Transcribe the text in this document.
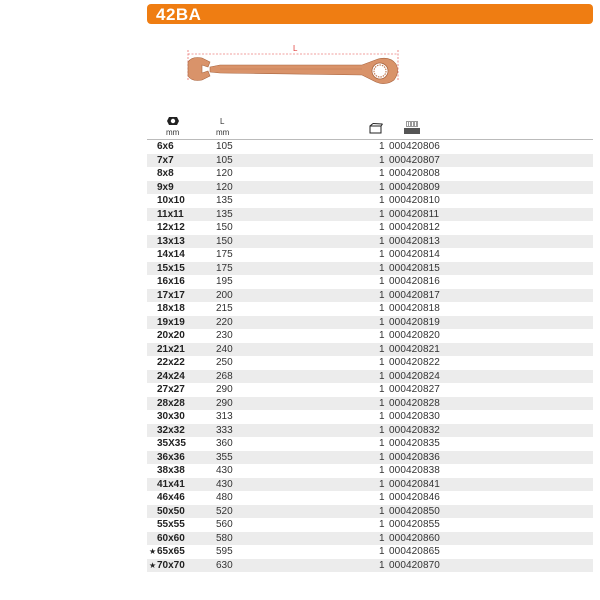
42BA
L
mm
L
mm
6x6	105	1 000420806
7x7	105	1 000420807
8x8	120	1 000420808
9x9	120	1 000420809
10x10	135	1 000420810
11x11	135	1 000420811
12x12	150	1 000420812
13x13	150	1 000420813
14x14	175	1 000420814
15x15	175	1 000420815
16x16	195	1 000420816
17x17	200	1 000420817
18x18	215	1 000420818
19x19	220	1 000420819
20x20	230	1 000420820
21x21	240	1 000420821
22x22	250	1 000420822
24x24	268	1 000420824
27x27	290	1 000420827
28x28	290	1 000420828
30x30	313	1 000420830
32x32	333	1 000420832
35X35	360	1 000420835
36x36	355	1 000420836
38x38	430	1 000420838
41x41	430	1 000420841
46x46	480	1 000420846
50x50	520	1 000420850
55x55	560	1 000420855
60x60	580	1 000420860
★ 65x65	595	1 000420865
★ 70x70	630	1 000420870
